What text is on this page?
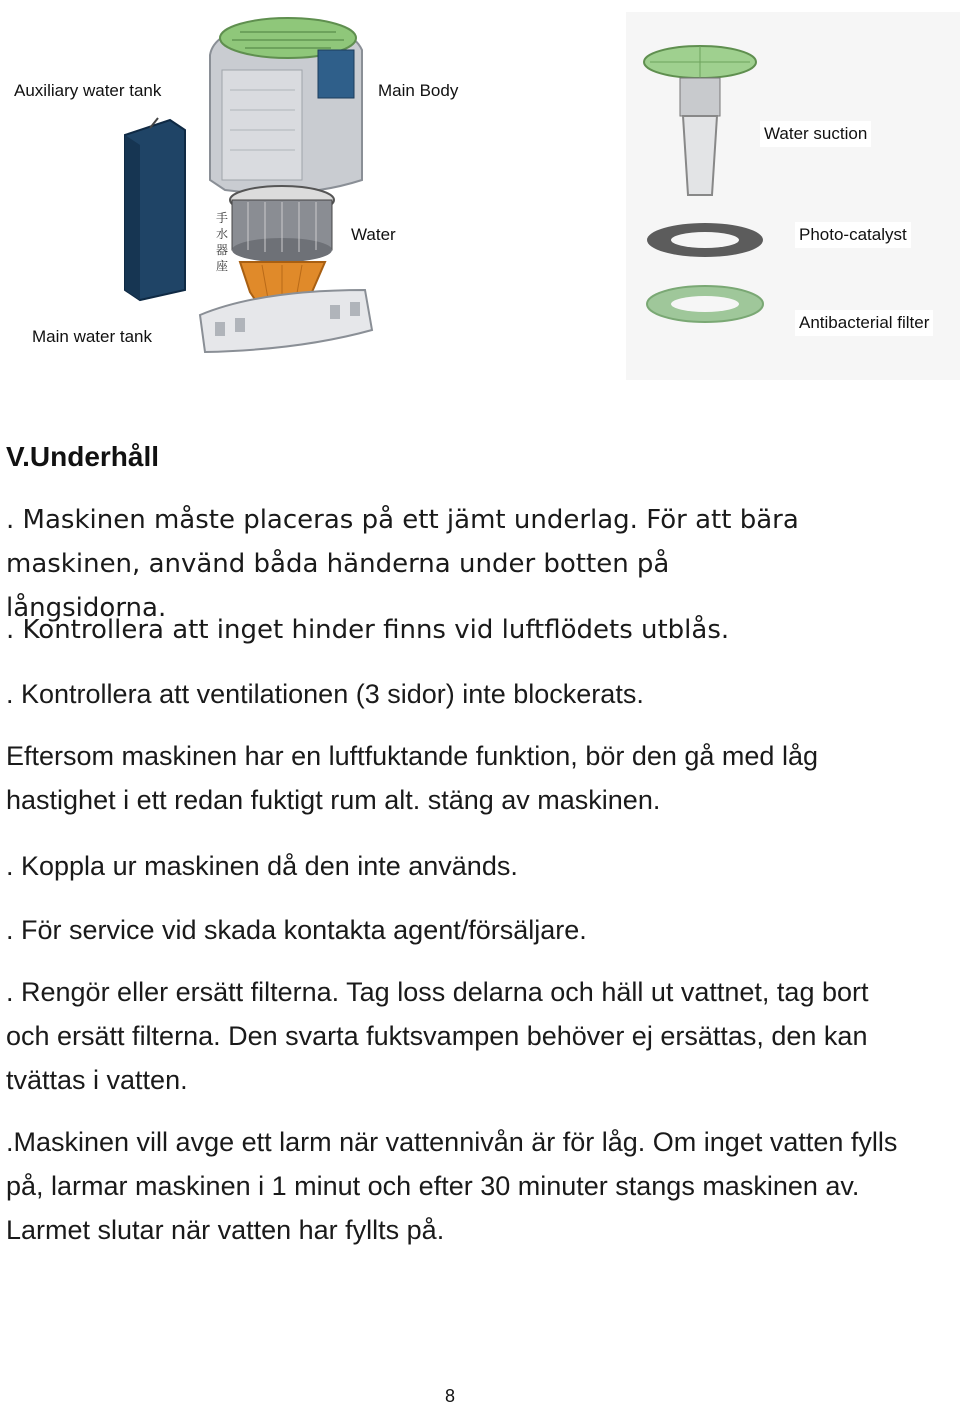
手
水
器
座
Auxiliary water tank	Main Body
Water suction
Water	Photo-catalyst
Main water tank
Antibacterial filter
V.Underhåll

. Maskinen måste placeras på ett jämt underlag. För att bära maskinen, använd båda händerna under botten på långsidorna.

. Kontrollera att inget hinder finns vid luftflödets utblås.

. Kontrollera att ventilationen (3 sidor) inte blockerats.

Eftersom maskinen har en luftfuktande funktion, bör den gå med låg hastighet i ett redan fuktigt rum alt. stäng av maskinen.

. Koppla ur maskinen då den inte används.

. För service vid skada kontakta agent/försäljare.

. Rengör eller ersätt filterna. Tag loss delarna och häll ut vattnet, tag bort och ersätt filterna. Den svarta fuktsvampen behöver ej ersättas, den kan tvättas i vatten.

.Maskinen vill avge ett larm när vattennivån är för låg. Om inget vatten fylls på, larmar maskinen i 1 minut och efter 30 minuter stangs maskinen av. Larmet slutar när vatten har fyllts på.

8
